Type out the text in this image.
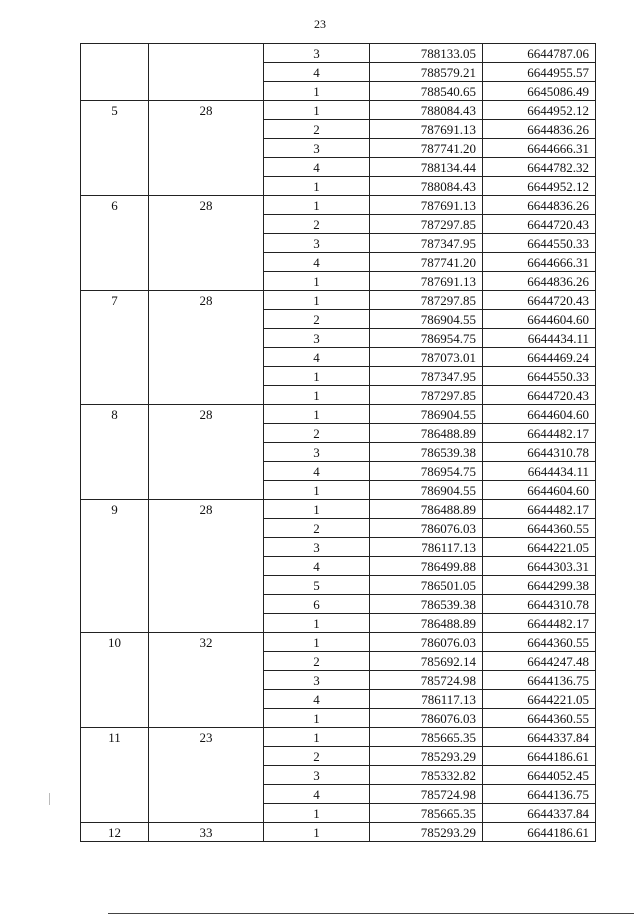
23
		3	788133.05	6644787.06
		4	788579.21	6644955.57
		1	788540.65	6645086.49
5	28	1	788084.43	6644952.12
		2	787691.13	6644836.26
		3	787741.20	6644666.31
		4	788134.44	6644782.32
		1	788084.43	6644952.12
6	28	1	787691.13	6644836.26
		2	787297.85	6644720.43
		3	787347.95	6644550.33
		4	787741.20	6644666.31
		1	787691.13	6644836.26
7	28	1	787297.85	6644720.43
		2	786904.55	6644604.60
		3	786954.75	6644434.11
		4	787073.01	6644469.24
		1	787347.95	6644550.33
		1	787297.85	6644720.43
8	28	1	786904.55	6644604.60
		2	786488.89	6644482.17
		3	786539.38	6644310.78
		4	786954.75	6644434.11
		1	786904.55	6644604.60
9	28	1	786488.89	6644482.17
		2	786076.03	6644360.55
		3	786117.13	6644221.05
		4	786499.88	6644303.31
		5	786501.05	6644299.38
		6	786539.38	6644310.78
		1	786488.89	6644482.17
10	32	1	786076.03	6644360.55
		2	785692.14	6644247.48
		3	785724.98	6644136.75
		4	786117.13	6644221.05
		1	786076.03	6644360.55
11	23	1	785665.35	6644337.84
		2	785293.29	6644186.61
		3	785332.82	6644052.45
		4	785724.98	6644136.75
		1	785665.35	6644337.84
12	33	1	785293.29	6644186.61
